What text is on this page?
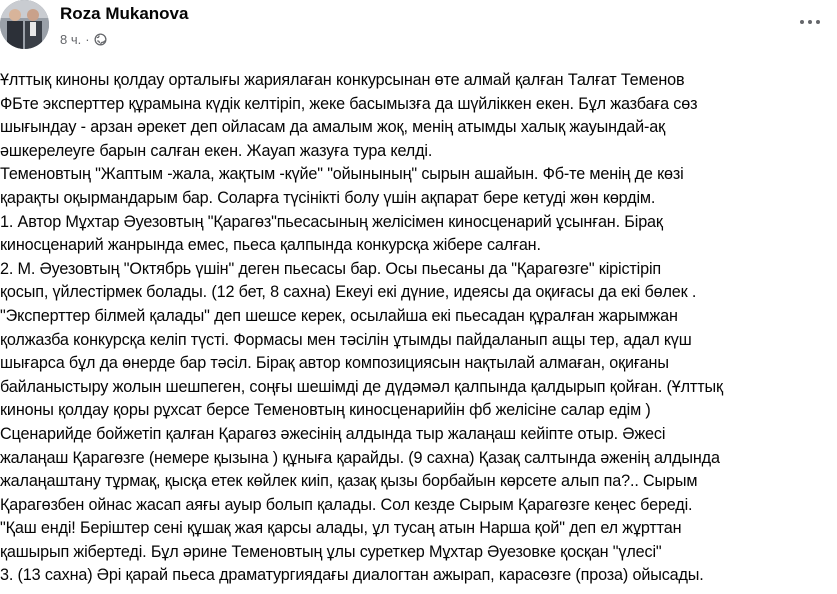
Roza Mukanova
8 ч. ·
Ұлттық киноны қолдау орталығы жариялаған конкурсынан өте алмай қалған Талғат Теменов
ФБте эксперттер құрамына күдік келтіріп, жеке басымызға да шүйліккен екен. Бұл жазбаға сөз
шығындау - арзан әрекет деп ойласам да амалым жоқ, менің атымды халық жауындай-ақ
әшкерелеуге барын салған екен. Жауап жазуға тура келді.
Теменовтың "Жаптым -жала, жақтым -күйе" "ойынының" сырын ашайын. Фб-те менің де көзі
қарақты оқырмандарым бар. Соларға түсінікті болу үшін ақпарат бере кетуді жөн көрдім.
1. Автор Мұхтар Әуезовтың "Қарагөз"пьесасының желісімен киносценарий ұсынған. Бірақ
киносценарий жанрында емес, пьеса қалпында конкурсқа жібере салған.
2. М. Әуезовтың "Октябрь үшін" деген пьесасы бар. Осы пьесаны да "Қарагөзге" кірістіріп
қосып, үйлестірмек болады. (12 бет, 8 сахна) Екеуі екі дүние, идеясы да оқиғасы да екі бөлек .
"Эксперттер білмей қалады" деп шешсе керек, осылайша екі пьесадан құралған жарымжан
қолжазба конкурсқа келіп түсті. Формасы мен тәсілін ұтымды пайдаланып ащы тер, адал күш
шығарса бұл да өнерде бар тәсіл. Бірақ автор композициясын нақтылай алмаған, оқиғаны
байланыстыру жолын шешпеген, соңғы шешімді де дүдәмәл қалпында қалдырып қойған. (Ұлттық
киноны қолдау қоры рұхсат берсе Теменовтың киносценарийін фб желісіне салар едім )
Сценарийде бойжетіп қалған Қарагөз әжесінің алдында тыр жалаңаш кейіпте отыр. Әжесі
жалаңаш Қарагөзге (немере қызына ) құныға қарайды. (9 сахна) Қазақ салтында әженің алдында
жалаңаштану тұрмақ, қысқа етек көйлек киіп, қазақ қызы борбайын көрсете алып па?.. Сырым
Қарагөзбен ойнас жасап аяғы ауыр болып қалады. Сол кезде Сырым Қарагөзге кеңес береді.
"Қаш енді! Беріштер сені құшақ жая қарсы алады, ұл тусаң атын Нарша қой" деп ел жұрттан
қашырып жібертеді. Бұл әрине Теменовтың ұлы суреткер Мұхтар Әуезовке қосқан "үлесі"
3. (13 сахна) Әрі қарай пьеса драматургиядағы диалогтан ажырап, карасөзге (проза) ойысады.
